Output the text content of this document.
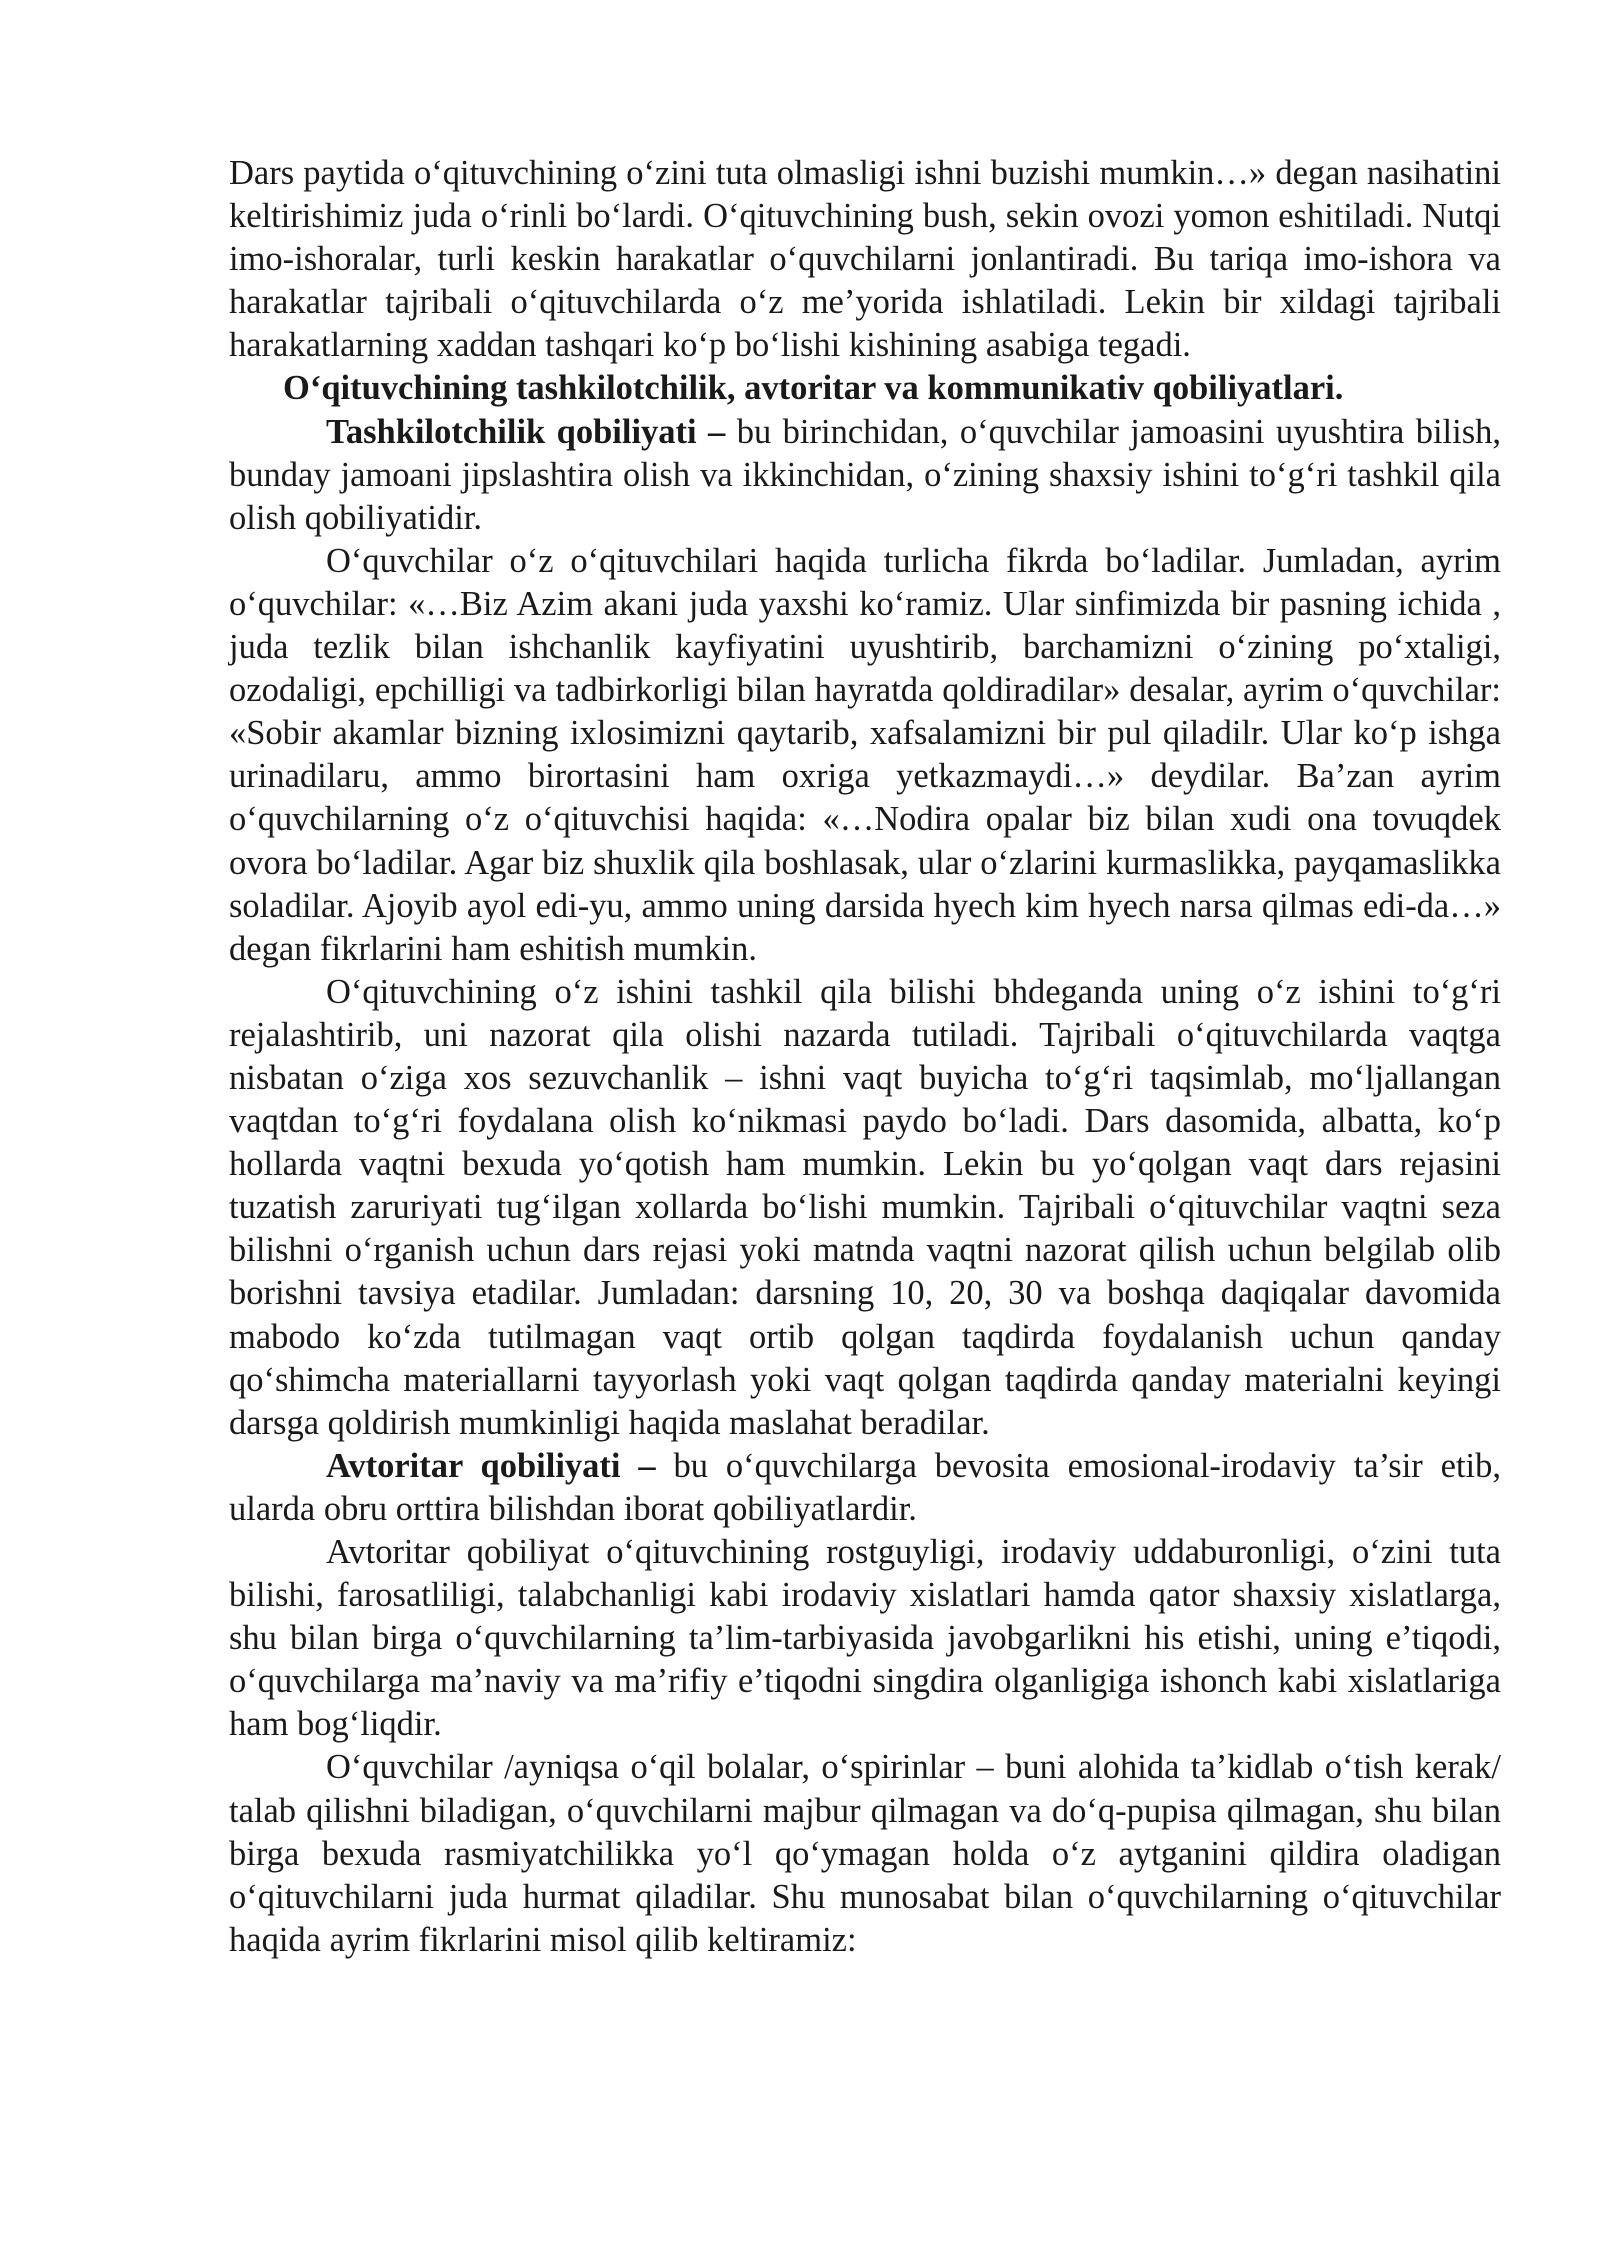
Dars paytida o‘qituvchining o‘zini tuta olmasligi ishni buzishi mumkin…» degan nasihatini keltirishimiz juda o‘rinli bo‘lardi. O‘qituvchining bush, sekin ovozi yomon eshitiladi. Nutqi imo-ishoralar, turli keskin harakatlar o‘quvchilarni jonlantiradi. Bu tariqa imo-ishora va harakatlar tajribali o‘qituvchilarda o‘z me’yorida ishlatiladi. Lekin bir xildagi tajribali harakatlarning xaddan tashqari ko‘p bo‘lishi kishining asabiga tegadi.

O‘qituvchining tashkilotchilik, avtoritar va kommunikativ qobiliyatlari.

Tashkilotchilik qobiliyati – bu birinchidan, o‘quvchilar jamoasini uyushtira bilish, bunday jamoani jipslashtira olish va ikkinchidan, o‘zining shaxsiy ishini to‘g‘ri tashkil qila olish qobiliyatidir.

O‘quvchilar o‘z o‘qituvchilari haqida turlicha fikrda bo‘ladilar. Jumladan, ayrim o‘quvchilar: «…Biz Azim akani juda yaxshi ko‘ramiz. Ular sinfimizda bir pasning ichida , juda tezlik bilan ishchanlik kayfiyatini uyushtirib, barchamizni o‘zining po‘xtaligi, ozodaligi, epchilligi va tadbirkorligi bilan hayratda qoldiradilar» desalar, ayrim o‘quvchilar: «Sobir akamlar bizning ixlosimizni qaytarib, xafsalamizni bir pul qiladilr. Ular ko‘p ishga urinadilaru, ammo birortasini ham oxriga yetkazmaydi…» deydilar. Ba’zan ayrim o‘quvchilarning o‘z o‘qituvchisi haqida: «…Nodira opalar biz bilan xudi ona tovuqdek ovora bo‘ladilar. Agar biz shuxlik qila boshlasak, ular o‘zlarini kurmaslikka, payqamaslikka soladilar. Ajoyib ayol edi-yu, ammo uning darsida hyech kim hyech narsa qilmas edi-da…» degan fikrlarini ham eshitish mumkin.

O‘qituvchining o‘z ishini tashkil qila bilishi bhdeganda uning o‘z ishini to‘g‘ri rejalashtirib, uni nazorat qila olishi nazarda tutiladi. Tajribali o‘qituvchilarda vaqtga nisbatan o‘ziga xos sezuvchanlik – ishni vaqt buyicha to‘g‘ri taqsimlab, mo‘ljallangan vaqtdan to‘g‘ri foydalana olish ko‘nikmasi paydo bo‘ladi. Dars dasomida, albatta, ko‘p hollarda vaqtni bexuda yo‘qotish ham mumkin. Lekin bu yo‘qolgan vaqt dars rejasini tuzatish zaruriyati tug‘ilgan xollarda bo‘lishi mumkin. Tajribali o‘qituvchilar vaqtni seza bilishni o‘rganish uchun dars rejasi yoki matnda vaqtni nazorat qilish uchun belgilab olib borishni tavsiya etadilar. Jumladan: darsning 10, 20, 30 va boshqa daqiqalar davomida mabodo ko‘zda tutilmagan vaqt ortib qolgan taqdirda foydalanish uchun qanday qo‘shimcha materiallarni tayyorlash yoki vaqt qolgan taqdirda qanday materialni keyingi darsga qoldirish mumkinligi haqida maslahat beradilar.

Avtoritar qobiliyati – bu o‘quvchilarga bevosita emosional-irodaviy ta’sir etib, ularda obru orttira bilishdan iborat qobiliyatlardir.

Avtoritar qobiliyat o‘qituvchining rostguyligi, irodaviy uddaburonligi, o‘zini tuta bilishi, farosatliligi, talabchanligi kabi irodaviy xislatlari hamda qator shaxsiy xislatlarga, shu bilan birga o‘quvchilarning ta’lim-tarbiyasida javobgarlikni his etishi, uning e’tiqodi, o‘quvchilarga ma’naviy va ma’rifiy e’tiqodni singdira olganligiga ishonch kabi xislatlariga ham bog‘liqdir.

O‘quvchilar /ayniqsa o‘qil bolalar, o‘spirinlar – buni alohida ta’kidlab o‘tish kerak/ talab qilishni biladigan, o‘quvchilarni majbur qilmagan va do‘q-pupisa qilmagan, shu bilan birga bexuda rasmiyatchilikka yo‘l qo‘ymagan holda o‘z aytganini qildira oladigan o‘qituvchilarni juda hurmat qiladilar. Shu munosabat bilan o‘quvchilarning o‘qituvchilar haqida ayrim fikrlarini misol qilib keltiramiz:
